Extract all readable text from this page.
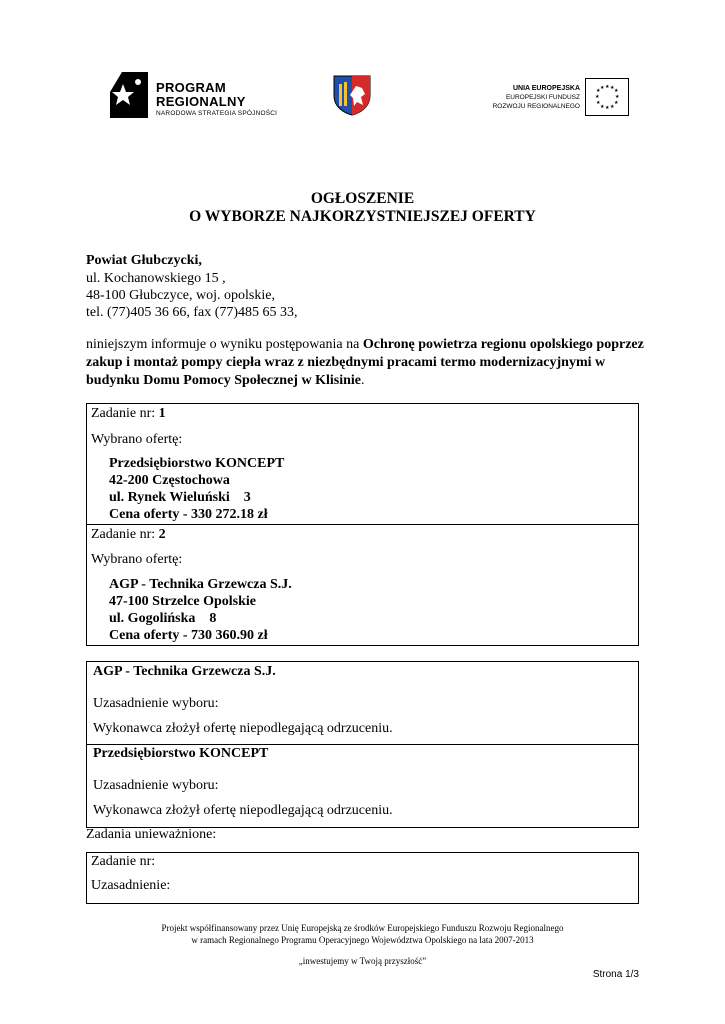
PROGRAM
REGIONALNY
NARODOWA STRATEGIA SPÓJNOŚCI
UNIA EUROPEJSKA
EUROPEJSKI FUNDUSZ
ROZWOJU REGIONALNEGO
★ ★ ★
★
★
★
★
★
★
★
★ ★
OGŁOSZENIE
O WYBORZE NAJKORZYSTNIEJSZEJ OFERTY
Powiat Głubczycki,
ul. Kochanowskiego 15 ,
48-100 Głubczyce, woj. opolskie,
tel. (77)405 36 66, fax (77)485 65 33,
niniejszym informuje o wyniku postępowania na Ochronę powietrza regionu opolskiego poprzez zakup i montaż pompy ciepła wraz z niezbędnymi pracami termo modernizacyjnymi w budynku Domu Pomocy Społecznej w Klisinie.
Zadanie nr: 1
Wybrano ofertę:
Przedsiębiorstwo KONCEPT
42-200 Częstochowa
ul. Rynek Wieluński    3
Cena oferty - 330 272.18 zł
Zadanie nr: 2
Wybrano ofertę:
AGP - Technika Grzewcza S.J.
47-100 Strzelce Opolskie
ul. Gogolińska    8
Cena oferty - 730 360.90 zł
AGP - Technika Grzewcza S.J.
Uzasadnienie wyboru:
Wykonawca złożył ofertę niepodlegającą odrzuceniu.
Przedsiębiorstwo KONCEPT
Uzasadnienie wyboru:
Wykonawca złożył ofertę niepodlegającą odrzuceniu.
Zadania unieważnione:
Zadanie nr:
Uzasadnienie:
Projekt współfinansowany przez Unię Europejską ze środków Europejskiego Funduszu Rozwoju Regionalnego
w ramach Regionalnego Programu Operacyjnego Województwa Opolskiego na lata 2007-2013
„inwestujemy w Twoją przyszłość”
Strona 1/3
